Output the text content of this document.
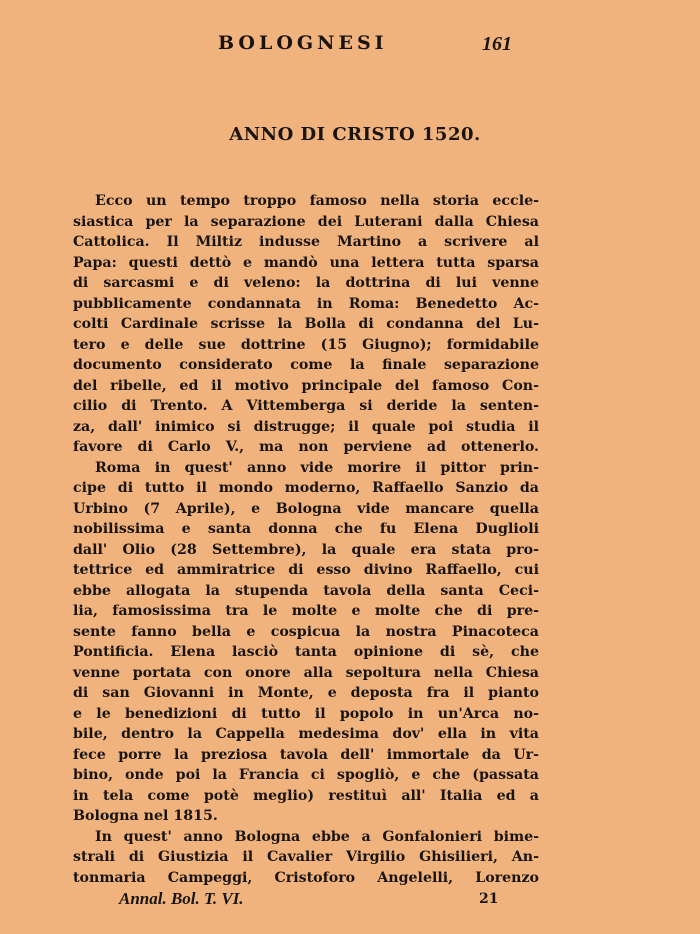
BOLOGNESI	161
ANNO DI CRISTO 1520.
Ecco un tempo troppo famoso nella storia eccle-
siastica per la separazione dei Luterani dalla Chiesa
Cattolica. Il Miltiz indusse Martino a scrivere al
Papa: questi dettò e mandò una lettera tutta sparsa
di sarcasmi e di veleno: la dottrina di lui venne
pubblicamente condannata in Roma: Benedetto Ac-
colti Cardinale scrisse la Bolla di condanna del Lu-
tero e delle sue dottrine (15 Giugno); formidabile
documento considerato come la finale separazione
del ribelle, ed il motivo principale del famoso Con-
cilio di Trento. A Vittemberga si deride la senten-
za, dall' inimico si distrugge; il quale poi studia il
favore di Carlo V., ma non perviene ad ottenerlo.
Roma in quest' anno vide morire il pittor prin-
cipe di tutto il mondo moderno, Raffaello Sanzio da
Urbino (7 Aprile), e Bologna vide mancare quella
nobilissima e santa donna che fu Elena Duglioli
dall' Olio (28 Settembre), la quale era stata pro-
tettrice ed ammiratrice di esso divino Raffaello, cui
ebbe allogata la stupenda tavola della santa Ceci-
lia, famosissima tra le molte e molte che di pre-
sente fanno bella e cospicua la nostra Pinacoteca
Pontificia. Elena lasciò tanta opinione di sè, che
venne portata con onore alla sepoltura nella Chiesa
di san Giovanni in Monte, e deposta fra il pianto
e le benedizioni di tutto il popolo in un'Arca no-
bile, dentro la Cappella medesima dov' ella in vita
fece porre la preziosa tavola dell' immortale da Ur-
bino, onde poi la Francia ci spogliò, e che (passata
in tela come potè meglio) restituì all' Italia ed a
Bologna nel 1815.
In quest' anno Bologna ebbe a Gonfalonieri bime-
strali di Giustizia il Cavalier Virgilio Ghisilieri, An-
tonmaria Campeggi, Cristoforo Angelelli, Lorenzo
Annal. Bol. T. VI.	21
